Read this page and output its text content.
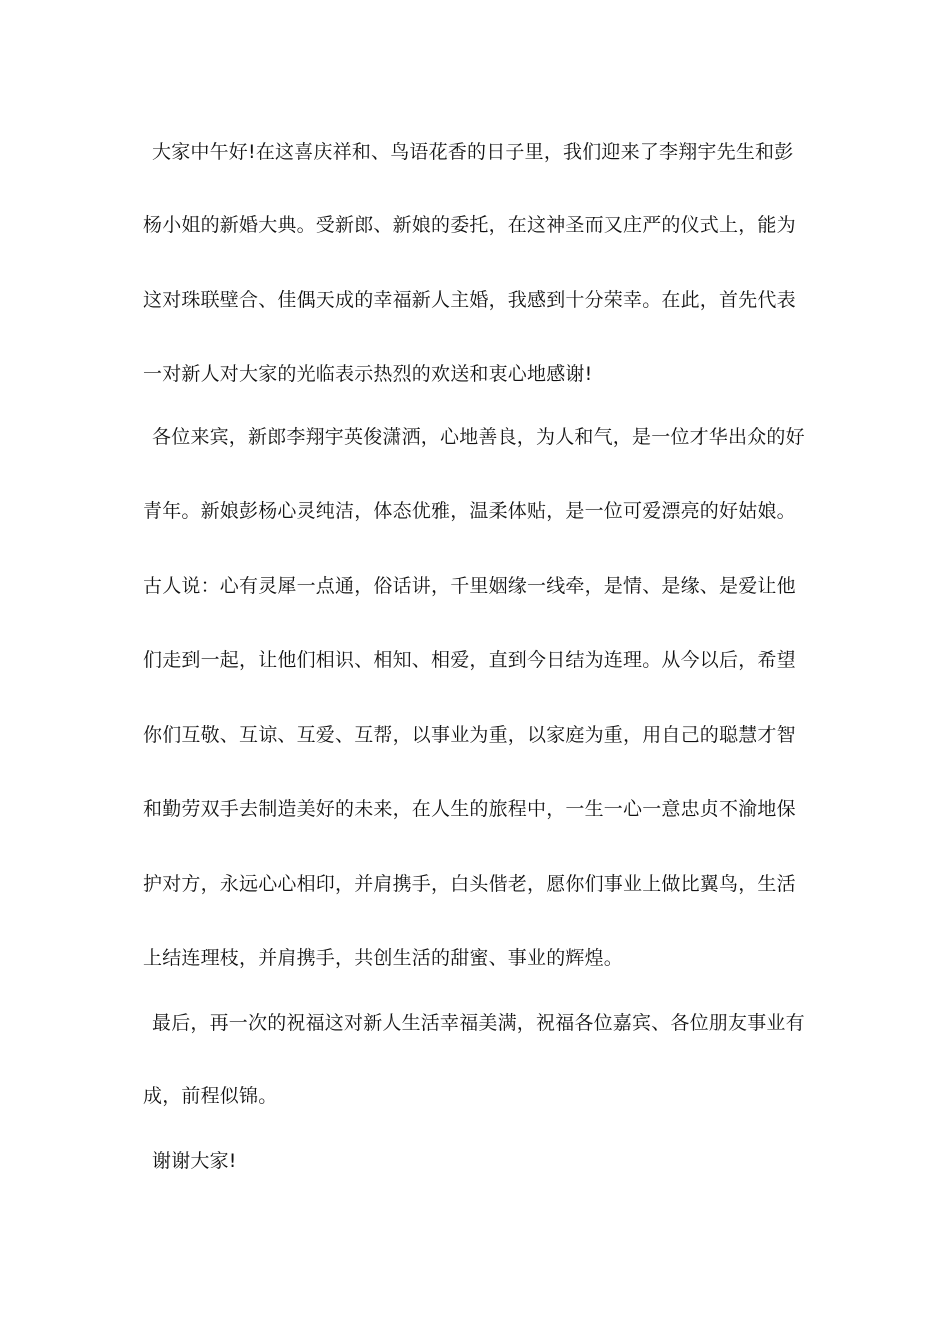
大家中午好!在这喜庆祥和、鸟语花香的日子里，我们迎来了李翔宇先生和彭
杨小姐的新婚大典。受新郎、新娘的委托，在这神圣而又庄严的仪式上，能为
这对珠联壁合、佳偶天成的幸福新人主婚，我感到十分荣幸。在此，首先代表
一对新人对大家的光临表示热烈的欢送和衷心地感谢!
各位来宾，新郎李翔宇英俊潇洒，心地善良，为人和气，是一位才华出众的好
青年。新娘彭杨心灵纯洁，体态优雅，温柔体贴，是一位可爱漂亮的好姑娘。
古人说：心有灵犀一点通，俗话讲，千里姻缘一线牵，是情、是缘、是爱让他
们走到一起，让他们相识、相知、相爱，直到今日结为连理。从今以后，希望
你们互敬、互谅、互爱、互帮，以事业为重，以家庭为重，用自己的聪慧才智
和勤劳双手去制造美好的未来，在人生的旅程中，一生一心一意忠贞不渝地保
护对方，永远心心相印，并肩携手，白头偕老，愿你们事业上做比翼鸟，生活
上结连理枝，并肩携手，共创生活的甜蜜、事业的辉煌。
最后，再一次的祝福这对新人生活幸福美满，祝福各位嘉宾、各位朋友事业有
成，前程似锦。
谢谢大家!
